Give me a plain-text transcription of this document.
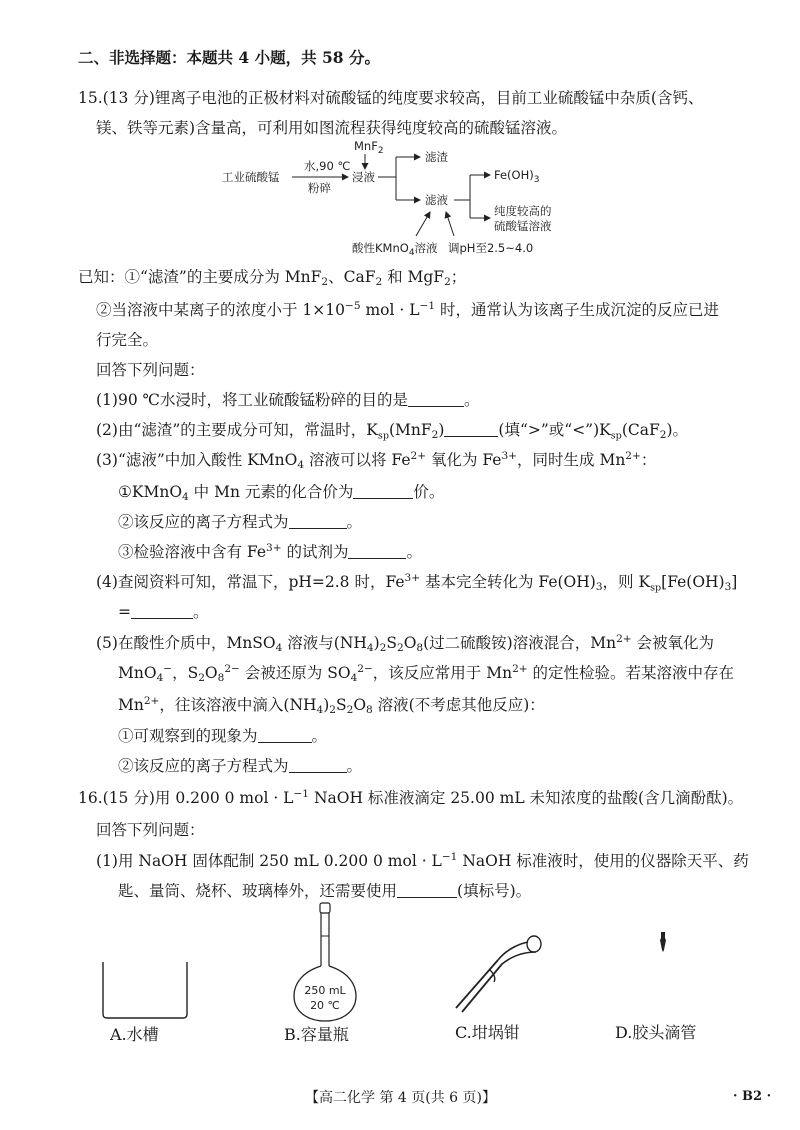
二、非选择题：本题共 4 小题，共 58 分。
15.(13 分)锂离子电池的正极材料对硫酸锰的纯度要求较高，目前工业硫酸锰中杂质(含钙、
镁、铁等元素)含量高，可利用如图流程获得纯度较高的硫酸锰溶液。
工业硫酸锰
水,90 ℃
粉碎
MnF$_2$
浸液
滤渣
滤液
$Fe(OH)_3$
纯度较高的
硫酸锰溶液
酸性KMnO$_4$溶液 调pH至2.5~4.0
已知：①“滤渣”的主要成分为 MnF$_2$、CaF$_2$ 和 MgF$_2$；
②当溶液中某离子的浓度小于 $1\times 10^{-5}$ mol · $L^{-1}$ 时，通常认为该离子生成沉淀的反应已进
行完全。
回答下列问题：
(1)90 ℃水浸时，将工业硫酸锰粉碎的目的是	。
(2)由“滤渣”的主要成分可知，常温时，$K_{sp}(MnF_2)$	(填“>”或“$<”)K_{sp}(CaF_2)$。
(3)“滤液”中加入酸性 KMnO$_4$ 溶液可以将 $Fe^{2+}$ 氧化为 $Fe^{3+}$，同时生成 $Mn^{2+}$：
①KMnO$_4$ 中 Mn 元素的化合价为	价。
②该反应的离子方程式为	。
③检验溶液中含有 $Fe^{3+}$ 的试剂为	。
(4)查阅资料可知，常温下，pH=2.8 时，$Fe^{3+}$ 基本完全转化为 $Fe(OH)_3$，则 $K_{sp}[Fe(OH)_3]$
=	。
(5)在酸性介质中，MnSO$_4$ 溶液与$(NH_4)_2S_2O_8$(过二硫酸铵)溶液混合，$Mn^{2+}$ 会被氧化为
MnO$_4$−，$S_2O_8^{2-}$ 会被还原为 $SO_4^{2-}$，该反应常用于 $Mn^{2+}$ 的定性检验。若某溶液中存在
$Mn^{2+}$，往该溶液中滴入$(NH_4)_2S_2O_8$ 溶液(不考虑其他反应)：
①可观察到的现象为	。
②该反应的离子方程式为	。
16.(15 分)用 0.200 0 mol · $L^{-1}$ NaOH 标准液滴定 25.00 mL 未知浓度的盐酸(含几滴酚酞)。
回答下列问题：
(1)用 NaOH 固体配制 250 mL 0.200 0 mol · $L^{-1}$ NaOH 标准液时，使用的仪器除天平、药
匙、量筒、烧杯、玻璃棒外，还需要使用	(填标号)。
A.水槽
250 mL
20 ℃
B.容量瓶	C.坩埚钳	D.胶头滴管
【高二化学 第 4 页(共 6 页)】	· B2 ·
